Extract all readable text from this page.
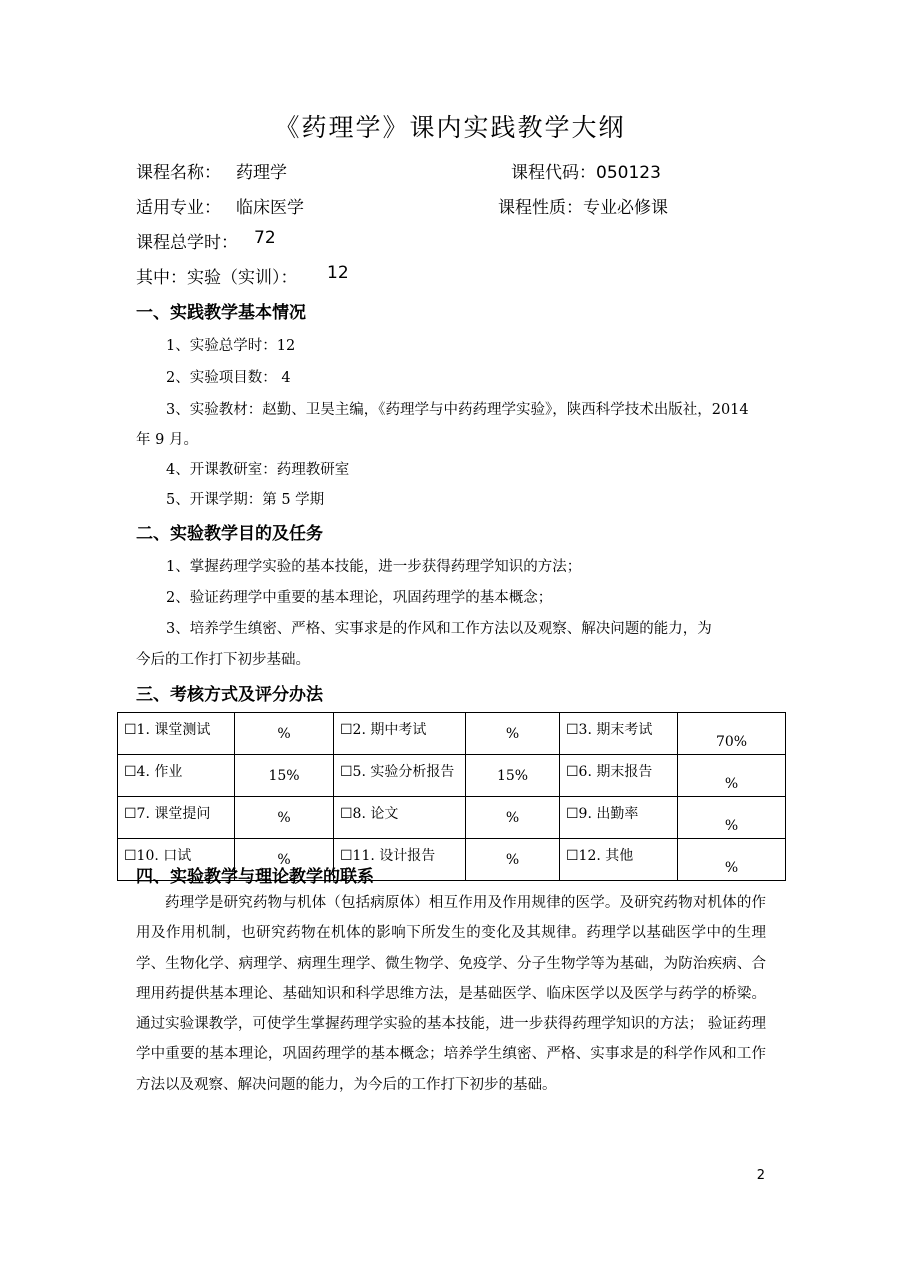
《药理学》课内实践教学大纲
课程名称： 药理学	课程代码：050123
适用专业： 临床医学	课程性质：专业必修课
课程总学时： 72
其中：实验（实训）： 12
一、实践教学基本情况
1、实验总学时：12
2、实验项目数： 4
3、实验教材：赵勤、卫昊主编，《药理学与中药药理学实验》，陕西科学技术出版社，2014
年 9 月。
4、开课教研室：药理教研室
5、开课学期：第 5 学期
二、实验教学目的及任务
1、掌握药理学实验的基本技能，进一步获得药理学知识的方法；
2、验证药理学中重要的基本理论，巩固药理学的基本概念；
3、培养学生缜密、严格、实事求是的作风和工作方法以及观察、解决问题的能力，为
今后的工作打下初步基础。
三、考核方式及评分办法
☐1. 课堂测试	%	☐2. 期中考试	%	☐3. 期末考试	70%
☐4. 作业	15%	☐5. 实验分析报告	15%	☐6. 期末报告	%
☐7. 课堂提问	%	☐8. 论文	%	☐9. 出勤率	%
☐10. 口试	%	☐11. 设计报告	%	☐12. 其他	%
四、实验教学与理论教学的联系
药理学是研究药物与机体（包括病原体）相互作用及作用规律的医学。及研究药物对机体的作用及作用机制，也研究药物在机体的影响下所发生的变化及其规律。药理学以基础医学中的生理学、生物化学、病理学、病理生理学、微生物学、免疫学、分子生物学等为基础，为防治疾病、合理用药提供基本理论、基础知识和科学思维方法，是基础医学、临床医学以及医学与药学的桥梁。通过实验课教学，可使学生掌握药理学实验的基本技能，进一步获得药理学知识的方法； 验证药理学中重要的基本理论，巩固药理学的基本概念；培养学生缜密、严格、实事求是的科学作风和工作方法以及观察、解决问题的能力，为今后的工作打下初步的基础。
2
